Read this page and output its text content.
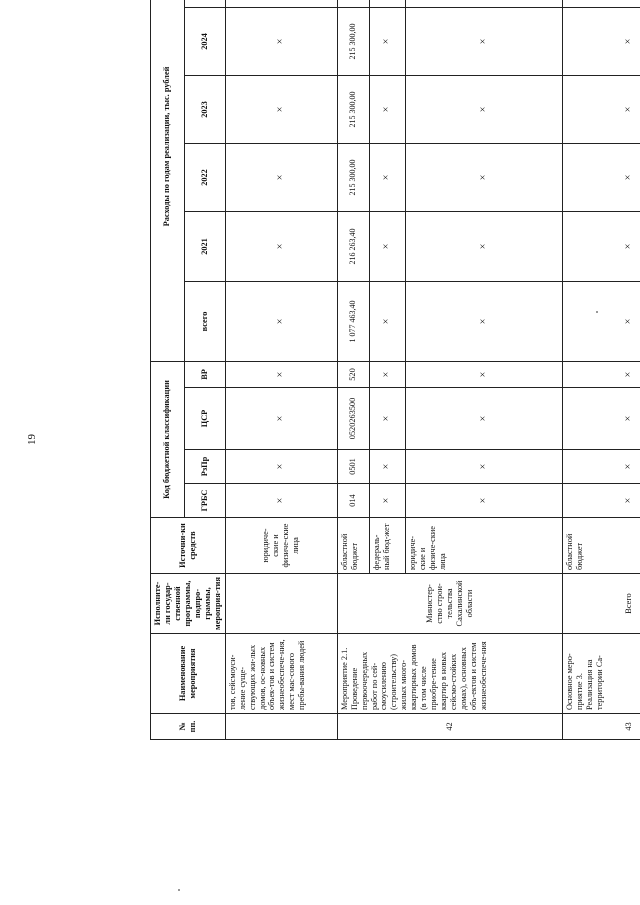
19
№ пп.	Наименование мероприятия	Исполните-ли государ-ственной программы, подпро-граммы, мероприя-тия	Источни-ки средств	Код бюджетной классификации				Расходы по годам реализации, тыс. рублей					
				ГРБС	РзПр	ЦСР	ВР	всего	2021	2022	2023	2024	
	тов, сейсмоуси-ление суще-ствующих жи-лых домов, ос-новных объек-тов и систем жизнеобеспече-ния, мест мас-сового пребы-вания людей		юридиче-ские и физиче-ские лица	×	×	×	×	×	×	×	×	×	
42	Мероприятие 2.1. Проведение первоочередных работ по сей-смоусилению (строительству) жилых много-квартирных домов (в том числе приобре-тение квартир в новых сейсмо-стойких домах), основных объ-ектов и систем жизнеобеспече-ния	Министер-ство строи-тельства Сахалинской области	областной бюджет	014	0501	0520263500	520	1 077 463,40	216 263,40	215 300,00	215 300,00	215 300,00	
			федераль-ный бюд-жет	×	×	×	×	×	×	×	×	×	
			юридиче-ские и физиче-ские лица	×	×	×	×	×	×	×	×	×	
43	Основное меро-приятие 3. Реализация на территории Са-	Всего	областной бюджет	×	×	×	×	×	×	×	×	×	
